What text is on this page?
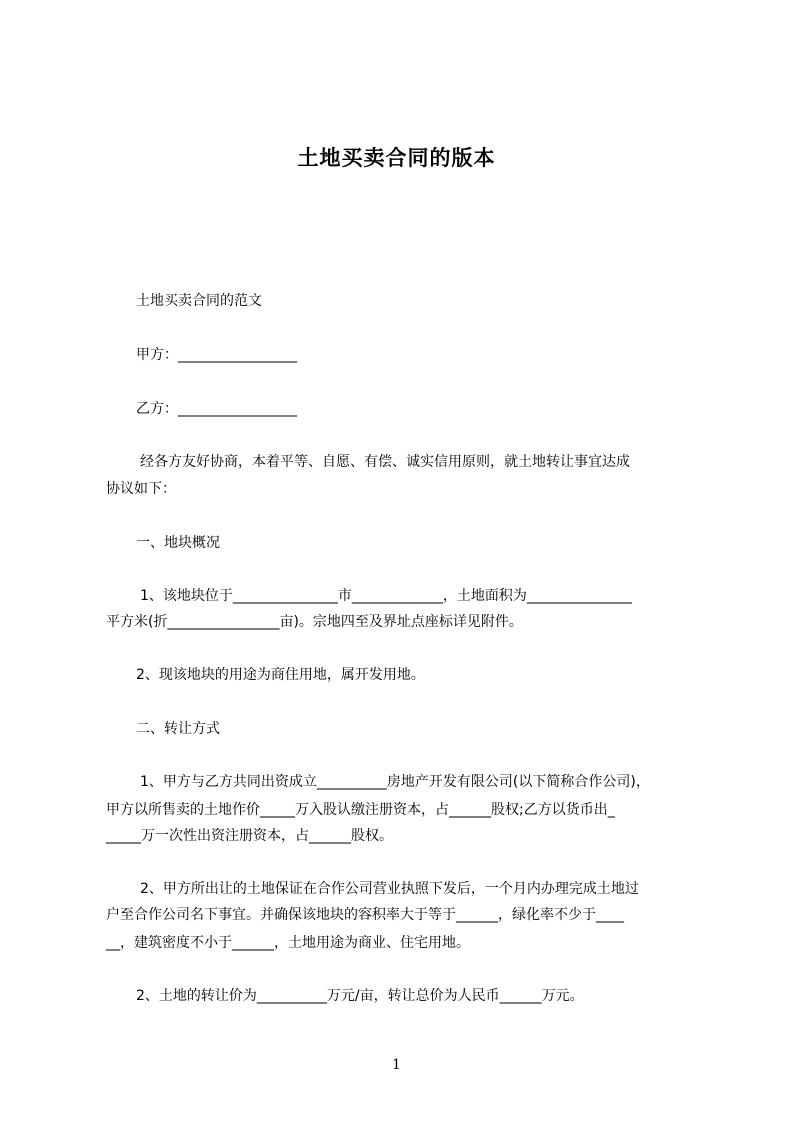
土地买卖合同的版本
土地买卖合同的范文
甲方：_________________
乙方：_________________
经各方友好协商，本着平等、自愿、有偿、诚实信用原则，就土地转让事宜达成
协议如下：
一、地块概况
1、该地块位于_______________市_____________，土地面积为_______________
平方米(折________________亩)。宗地四至及界址点座标详见附件。
2、现该地块的用途为商住用地，属开发用地。
二、转让方式
1、甲方与乙方共同出资成立__________房地产开发有限公司(以下简称合作公司)，
甲方以所售卖的土地作价_____万入股认缴注册资本，占______股权;乙方以货币出_
_____万一次性出资注册资本，占______股权。
2、甲方所出让的土地保证在合作公司营业执照下发后，一个月内办理完成土地过
户至合作公司名下事宜。并确保该地块的容积率大于等于______，绿化率不少于____
__，建筑密度不小于______，土地用途为商业、住宅用地。
2、土地的转让价为__________万元/亩，转让总价为人民币______万元。
1
